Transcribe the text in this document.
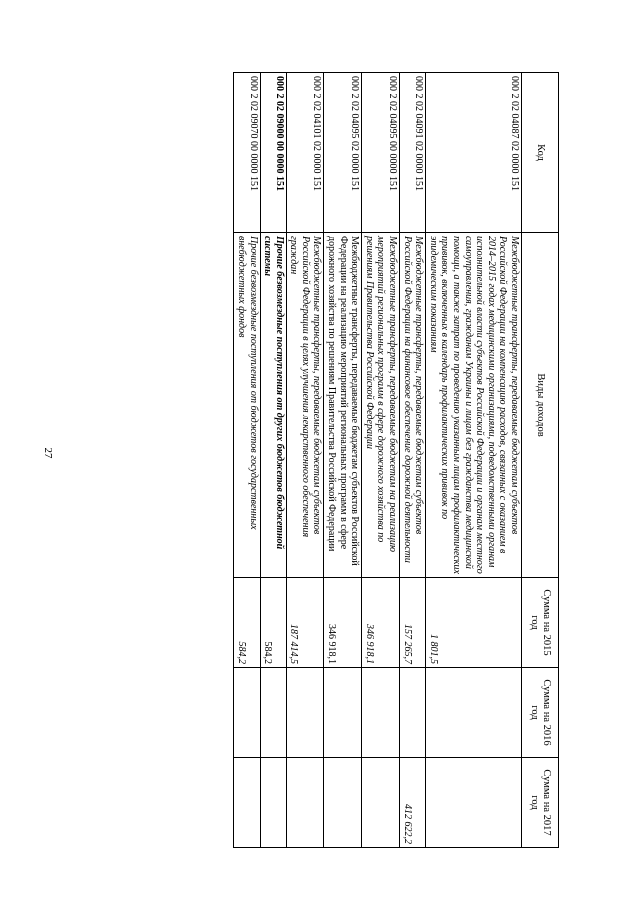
27
Код	Виды доходов	Сумма на 2015 год	Сумма на 2016 год	Сумма на 2017 год
000 2 02 04087 02 0000 151	Межбюджетные трансферты, передаваемые бюджетам субъектов Российской Федерации на компенсацию расходов, связанных с оказанием в 2014–2015 годах медицинскими организациями, подведомственными органам исполнительной власти субъектов Российской Федерации и органам местного самоуправления, гражданам Украины и лицам без гражданства медицинской помощи, а также затрат по проведению указанным лицам профилактических прививок, включенных в календарь профилактических прививок по эпидемическим показаниям	1 801,5		
000 2 02 04091 02 0000 151	Межбюджетные трансферты, передаваемые бюджетам субъектов Российской Федерации на финансовое обеспечение дорожной деятельности	157 265,7		412 622,2
000 2 02 04095 00 0000 151	Межбюджетные трансферты, передаваемые бюджетам на реализацию мероприятий региональных программ в сфере дорожного хозяйства по решениям Правительства Российской Федерации	346 918,1		
000 2 02 04095 02 0000 151	Межбюджетные трансферты, передаваемые бюджетам субъектов Российской Федерации на реализацию мероприятий региональных программ в сфере дорожного хозяйства по решениям Правительства Российской Федерации	346 918,1		
000 2 02 04101 02 0000 151	Межбюджетные трансферты, передаваемые бюджетам субъектов Российской Федерации в целях улучшения лекарственного обеспечения граждан	187 414,5		
000 2 02 09000 00 0000 151	Прочие безвозмездные поступления от других бюджетов бюджетной системы	584,2		
000 2 02 09070 00 0000 151	Прочие безвозмездные поступления от бюджетов государственных внебюджетных фондов	584,2		
